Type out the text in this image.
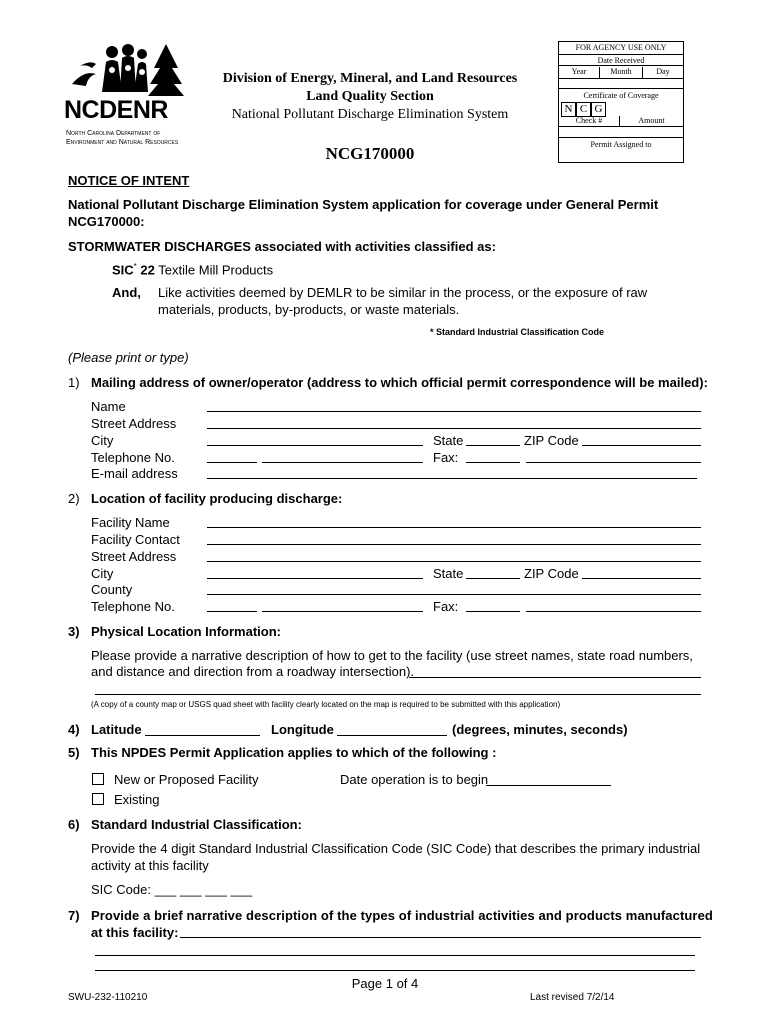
NCDENR
North Carolina Department of
Environment and Natural Resources
Division of Energy, Mineral, and Land Resources
Land Quality Section
National Pollutant Discharge Elimination System
NCG170000
FOR AGENCY USE ONLY
Date Received
Year	Month	Day
Certificate of Coverage
N C G
Check #	Amount
Permit Assigned to
NOTICE OF INTENT
National Pollutant Discharge Elimination System application for coverage under General Permit
NCG170000:
STORMWATER DISCHARGES associated with activities classified as:
SIC* 22 Textile Mill Products
And, Like activities deemed by DEMLR to be similar in the process, or the exposure of raw
materials, products, by-products, or waste materials.
* Standard Industrial Classification Code
(Please print or type)
1) Mailing address of owner/operator (address to which official permit correspondence will be mailed):
Name
Street Address
City	State	ZIP Code
Telephone No.	Fax:
E-mail address
2) Location of facility producing discharge:
Facility Name
Facility Contact
Street Address
City	State	ZIP Code
County
Telephone No.	Fax:
3) Physical Location Information:
Please provide a narrative description of how to get to the facility (use street names, state road numbers,
and distance and direction from a roadway intersection).
(A copy of a county map or USGS quad sheet with facility clearly located on the map is required to be submitted with this application)
4) Latitude	Longitude	(degrees, minutes, seconds)
5) This NPDES Permit Application applies to which of the following :
New or Proposed Facility	Date operation is to begin
Existing
6) Standard Industrial Classification:
Provide the 4 digit Standard Industrial Classification Code (SIC Code) that describes the primary industrial
activity at this facility
SIC Code: ___ ___ ___ ___
7) Provide a brief narrative description of the types of industrial activities and products manufactured
at this facility:
Page 1 of 4
SWU-232-110210	Last revised 7/2/14
